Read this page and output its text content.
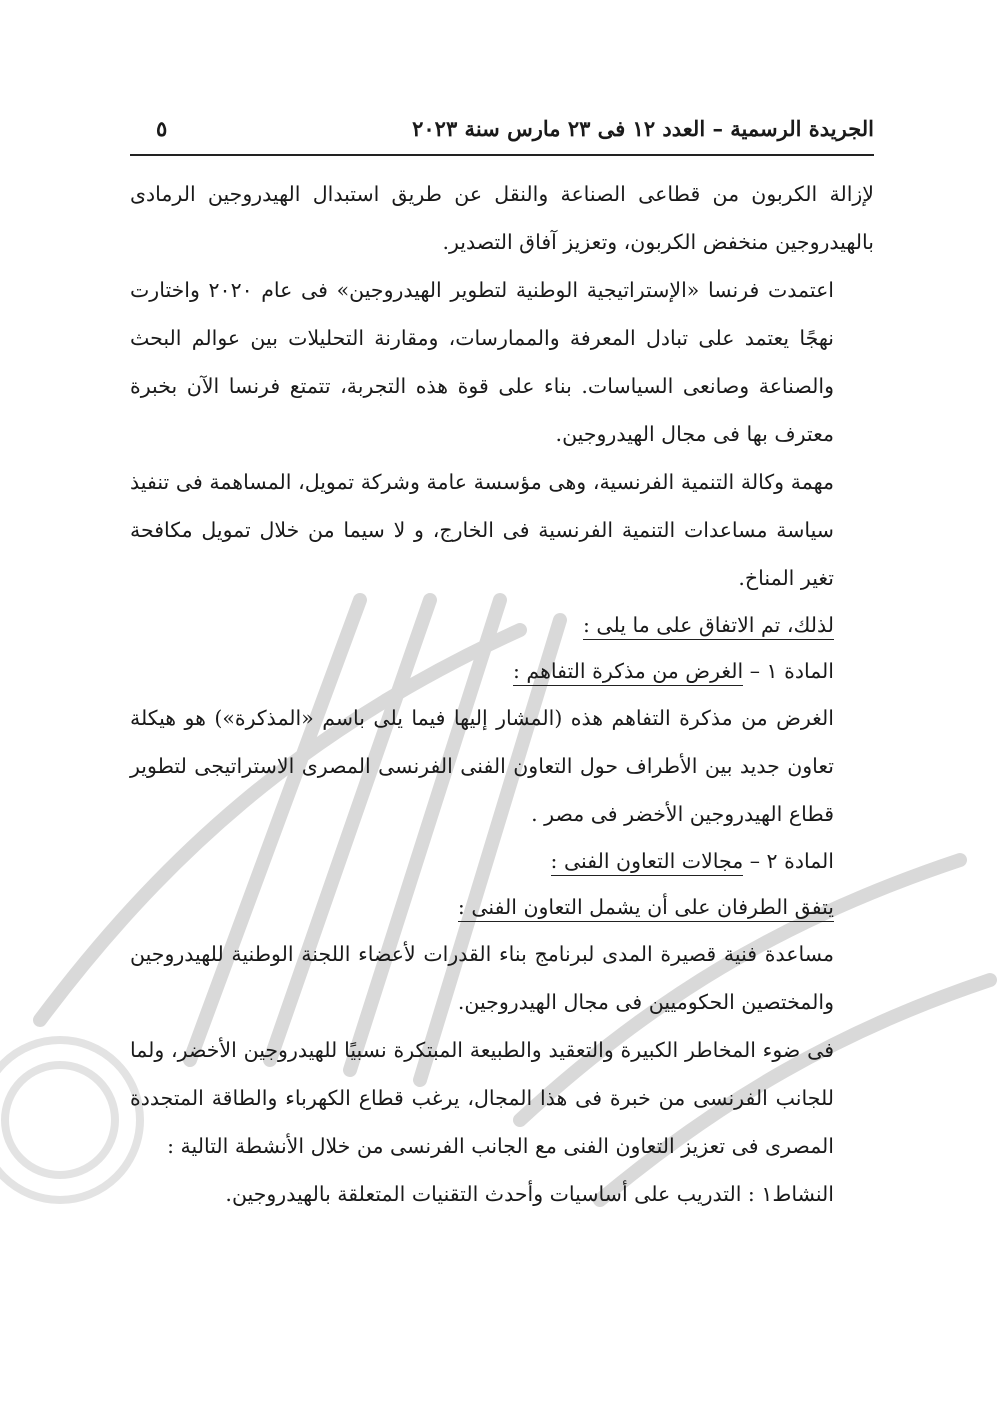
الجريدة الرسمية – العدد ١٢ فى ٢٣ مارس سنة ٢٠٢٣
٥

لإزالة الكربون من قطاعى الصناعة والنقل عن طريق استبدال الهيدروجين الرمادى بالهيدروجين منخفض الكربون، وتعزيز آفاق التصدير.

اعتمدت فرنسا «الإستراتيجية الوطنية لتطوير الهيدروجين» فى عام ٢٠٢٠ واختارت نهجًا يعتمد على تبادل المعرفة والممارسات، ومقارنة التحليلات بين عوالم البحث والصناعة وصانعى السياسات. بناء على قوة هذه التجربة، تتمتع فرنسا الآن بخبرة معترف بها فى مجال الهيدروجين.

مهمة وكالة التنمية الفرنسية، وهى مؤسسة عامة وشركة تمويل، المساهمة فى تنفيذ سياسة مساعدات التنمية الفرنسية فى الخارج، و لا سيما من خلال تمويل مكافحة تغير المناخ.

لذلك، تم الاتفاق على ما يلى :

المادة ١ – الغرض من مذكرة التفاهم :

الغرض من مذكرة التفاهم هذه (المشار إليها فيما يلى باسم «المذكرة») هو هيكلة تعاون جديد بين الأطراف حول التعاون الفنى الفرنسى المصرى الاستراتيجى لتطوير قطاع الهيدروجين الأخضر فى مصر .

المادة ٢ – مجالات التعاون الفنى :

يتفق الطرفان على أن يشمل التعاون الفنى :

مساعدة فنية قصيرة المدى لبرنامج بناء القدرات لأعضاء اللجنة الوطنية للهيدروجين والمختصين الحكوميين فى مجال الهيدروجين.

فى ضوء المخاطر الكبيرة والتعقيد والطبيعة المبتكرة نسبيًا للهيدروجين الأخضر، ولما للجانب الفرنسى من خبرة فى هذا المجال، يرغب قطاع الكهرباء والطاقة المتجددة المصرى فى تعزيز التعاون الفنى مع الجانب الفرنسى من خلال الأنشطة التالية :

النشاط١ : التدريب على أساسيات وأحدث التقنيات المتعلقة بالهيدروجين.
